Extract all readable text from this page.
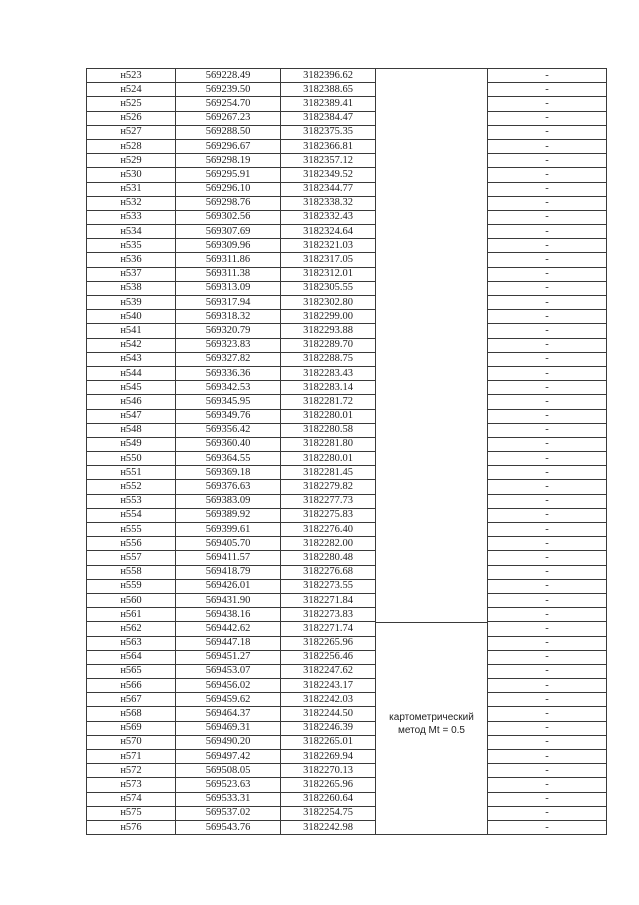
н523	569228.49	3182396.62		-
н524	569239.50	3182388.65		-
н525	569254.70	3182389.41		-
н526	569267.23	3182384.47		-
н527	569288.50	3182375.35		-
н528	569296.67	3182366.81		-
н529	569298.19	3182357.12		-
н530	569295.91	3182349.52		-
н531	569296.10	3182344.77		-
н532	569298.76	3182338.32		-
н533	569302.56	3182332.43		-
н534	569307.69	3182324.64		-
н535	569309.96	3182321.03		-
н536	569311.86	3182317.05		-
н537	569311.38	3182312.01		-
н538	569313.09	3182305.55		-
н539	569317.94	3182302.80		-
н540	569318.32	3182299.00		-
н541	569320.79	3182293.88		-
н542	569323.83	3182289.70		-
н543	569327.82	3182288.75		-
н544	569336.36	3182283.43		-
н545	569342.53	3182283.14		-
н546	569345.95	3182281.72		-
н547	569349.76	3182280.01		-
н548	569356.42	3182280.58		-
н549	569360.40	3182281.80		-
н550	569364.55	3182280.01		-
н551	569369.18	3182281.45		-
н552	569376.63	3182279.82		-
н553	569383.09	3182277.73		-
н554	569389.92	3182275.83		-
н555	569399.61	3182276.40		-
н556	569405.70	3182282.00		-
н557	569411.57	3182280.48		-
н558	569418.79	3182276.68		-
н559	569426.01	3182273.55		-
н560	569431.90	3182271.84		-
н561	569438.16	3182273.83		-
н562	569442.62	3182271.74		-
н563	569447.18	3182265.96		-
н564	569451.27	3182256.46		-
н565	569453.07	3182247.62		-
н566	569456.02	3182243.17		-
н567	569459.62	3182242.03		-
н568	569464.37	3182244.50	картометрический
метод Mt = 0.5	-
н569	569469.31	3182246.39		-
н570	569490.20	3182265.01		-
н571	569497.42	3182269.94		-
н572	569508.05	3182270.13		-
н573	569523.63	3182265.96		-
н574	569533.31	3182260.64		-
н575	569537.02	3182254.75		-
н576	569543.76	3182242.98		-
